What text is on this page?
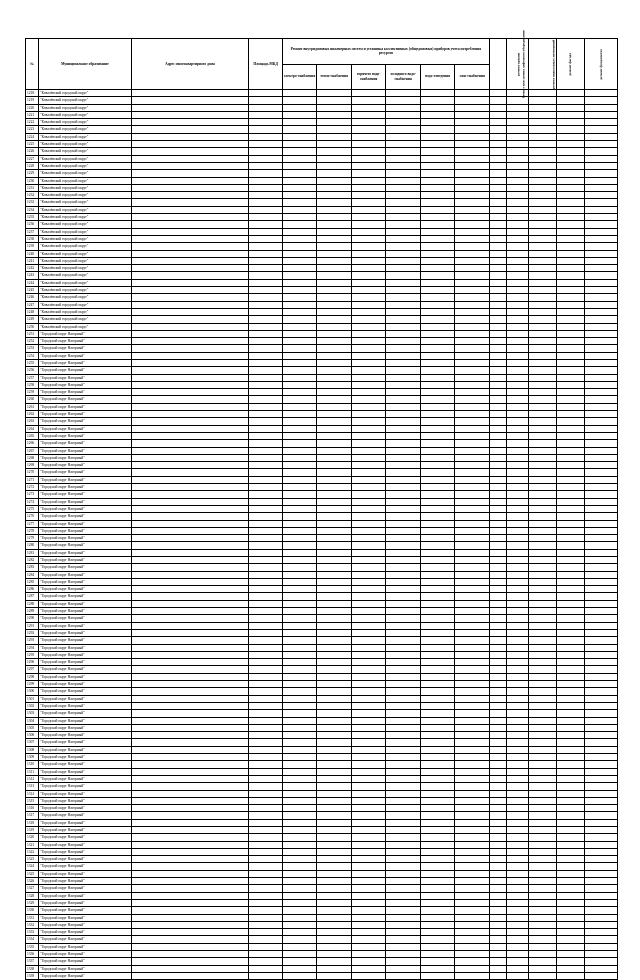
№	Муниципальное образование	Адрес многоквартирного дома	Площадь МКД	Ремонт внутридомовых инженерных систем и установка коллективных (общедомовых) приборов учета потребления ресурсов						Ремонт или замена лифтового оборудования	ремонт крыши	ремонт подвальных помещений	ремонт фасада	ремонт фундамента
				электро-снабжения	тепло-снабжения	горячего водо-снабжения	холодного водо-снабжения	водо-отведения	газо-снабжения					
1218	"Ковалёвский городской округ"													
1219	"Ковалёвский городской округ"													
1220	"Ковалёвский городской округ"													
1221	"Ковалёвский городской округ"													
1222	"Ковалёвский городской округ"													
1223	"Ковалёвский городской округ"													
1224	"Ковалёвский городской округ"													
1225	"Ковалёвский городской округ"													
1226	"Ковалёвский городской округ"													
1227	"Ковалёвский городской округ"													
1228	"Ковалёвский городской округ"													
1229	"Ковалёвский городской округ"													
1230	"Ковалёвский городской округ"													
1231	"Ковалёвский городской округ"													
1232	"Ковалёвский городской округ"													
1233	"Ковалёвский городской округ"													
1234	"Ковалёвский городской округ"													
1235	"Ковалёвский городской округ"													
1236	"Ковалёвский городской округ"													
1237	"Ковалёвский городской округ"													
1238	"Ковалёвский городской округ"													
1239	"Ковалёвский городской округ"													
1240	"Ковалёвский городской округ"													
1241	"Ковалёвский городской округ"													
1242	"Ковалёвский городской округ"													
1243	"Ковалёвский городской округ"													
1244	"Ковалёвский городской округ"													
1245	"Ковалёвский городской округ"													
1246	"Ковалёвский городской округ"													
1247	"Ковалёвский городской округ"													
1248	"Ковалёвский городской округ"													
1249	"Ковалёвский городской округ"													
1250	"Ковалёвский городской округ"													
1251	"Городской округ Нагорный"													
1252	"Городской округ Нагорный"													
1253	"Городской округ Нагорный"													
1254	"Городской округ Нагорный"													
1255	"Городской округ Нагорный"													
1256	"Городской округ Нагорный"													
1257	"Городской округ Нагорный"													
1258	"Городской округ Нагорный"													
1259	"Городской округ Нагорный"													
1260	"Городской округ Нагорный"													
1261	"Городской округ Нагорный"													
1262	"Городской округ Нагорный"													
1263	"Городской округ Нагорный"													
1264	"Городской округ Нагорный"													
1265	"Городской округ Нагорный"													
1266	"Городской округ Нагорный"													
1267	"Городской округ Нагорный"													
1268	"Городской округ Нагорный"													
1269	"Городской округ Нагорный"													
1270	"Городской округ Нагорный"													
1271	"Городской округ Нагорный"													
1272	"Городской округ Нагорный"													
1273	"Городской округ Нагорный"													
1274	"Городской округ Нагорный"													
1275	"Городской округ Нагорный"													
1276	"Городской округ Нагорный"													
1277	"Городской округ Нагорный"													
1278	"Городской округ Нагорный"													
1279	"Городской округ Нагорный"													
1280	"Городской округ Нагорный"													
1281	"Городской округ Нагорный"													
1282	"Городской округ Нагорный"													
1283	"Городской округ Нагорный"													
1284	"Городской округ Нагорный"													
1285	"Городской округ Нагорный"													
1286	"Городской округ Нагорный"													
1287	"Городской округ Нагорный"													
1288	"Городской округ Нагорный"													
1289	"Городской округ Нагорный"													
1290	"Городской округ Нагорный"													
1291	"Городской округ Нагорный"													
1292	"Городской округ Нагорный"													
1293	"Городской округ Нагорный"													
1294	"Городской округ Нагорный"													
1295	"Городской округ Нагорный"													
1296	"Городской округ Нагорный"													
1297	"Городской округ Нагорный"													
1298	"Городской округ Нагорный"													
1299	"Городской округ Нагорный"													
1300	"Городской округ Нагорный"													
1301	"Городской округ Нагорный"													
1302	"Городской округ Нагорный"													
1303	"Городской округ Нагорный"													
1304	"Городской округ Нагорный"													
1305	"Городской округ Нагорный"													
1306	"Городской округ Нагорный"													
1307	"Городской округ Нагорный"													
1308	"Городской округ Нагорный"													
1309	"Городской округ Нагорный"													
1310	"Городской округ Нагорный"													
1311	"Городской округ Нагорный"													
1312	"Городской округ Нагорный"													
1313	"Городской округ Нагорный"													
1314	"Городской округ Нагорный"													
1315	"Городской округ Нагорный"													
1316	"Городской округ Нагорный"													
1317	"Городской округ Нагорный"													
1318	"Городской округ Нагорный"													
1319	"Городской округ Нагорный"													
1320	"Городской округ Нагорный"													
1321	"Городской округ Нагорный"													
1322	"Городской округ Нагорный"													
1323	"Городской округ Нагорный"													
1324	"Городской округ Нагорный"													
1325	"Городской округ Нагорный"													
1326	"Городской округ Нагорный"													
1327	"Городской округ Нагорный"													
1328	"Городской округ Нагорный"													
1329	"Городской округ Нагорный"													
1330	"Городской округ Нагорный"													
1331	"Городской округ Нагорный"													
1332	"Городской округ Нагорный"													
1333	"Городской округ Нагорный"													
1334	"Городской округ Нагорный"													
1335	"Городской округ Нагорный"													
1336	"Городской округ Нагорный"													
1337	"Городской округ Нагорный"													
1338	"Городской округ Нагорный"													
1339	"Городской округ Нагорный"													
